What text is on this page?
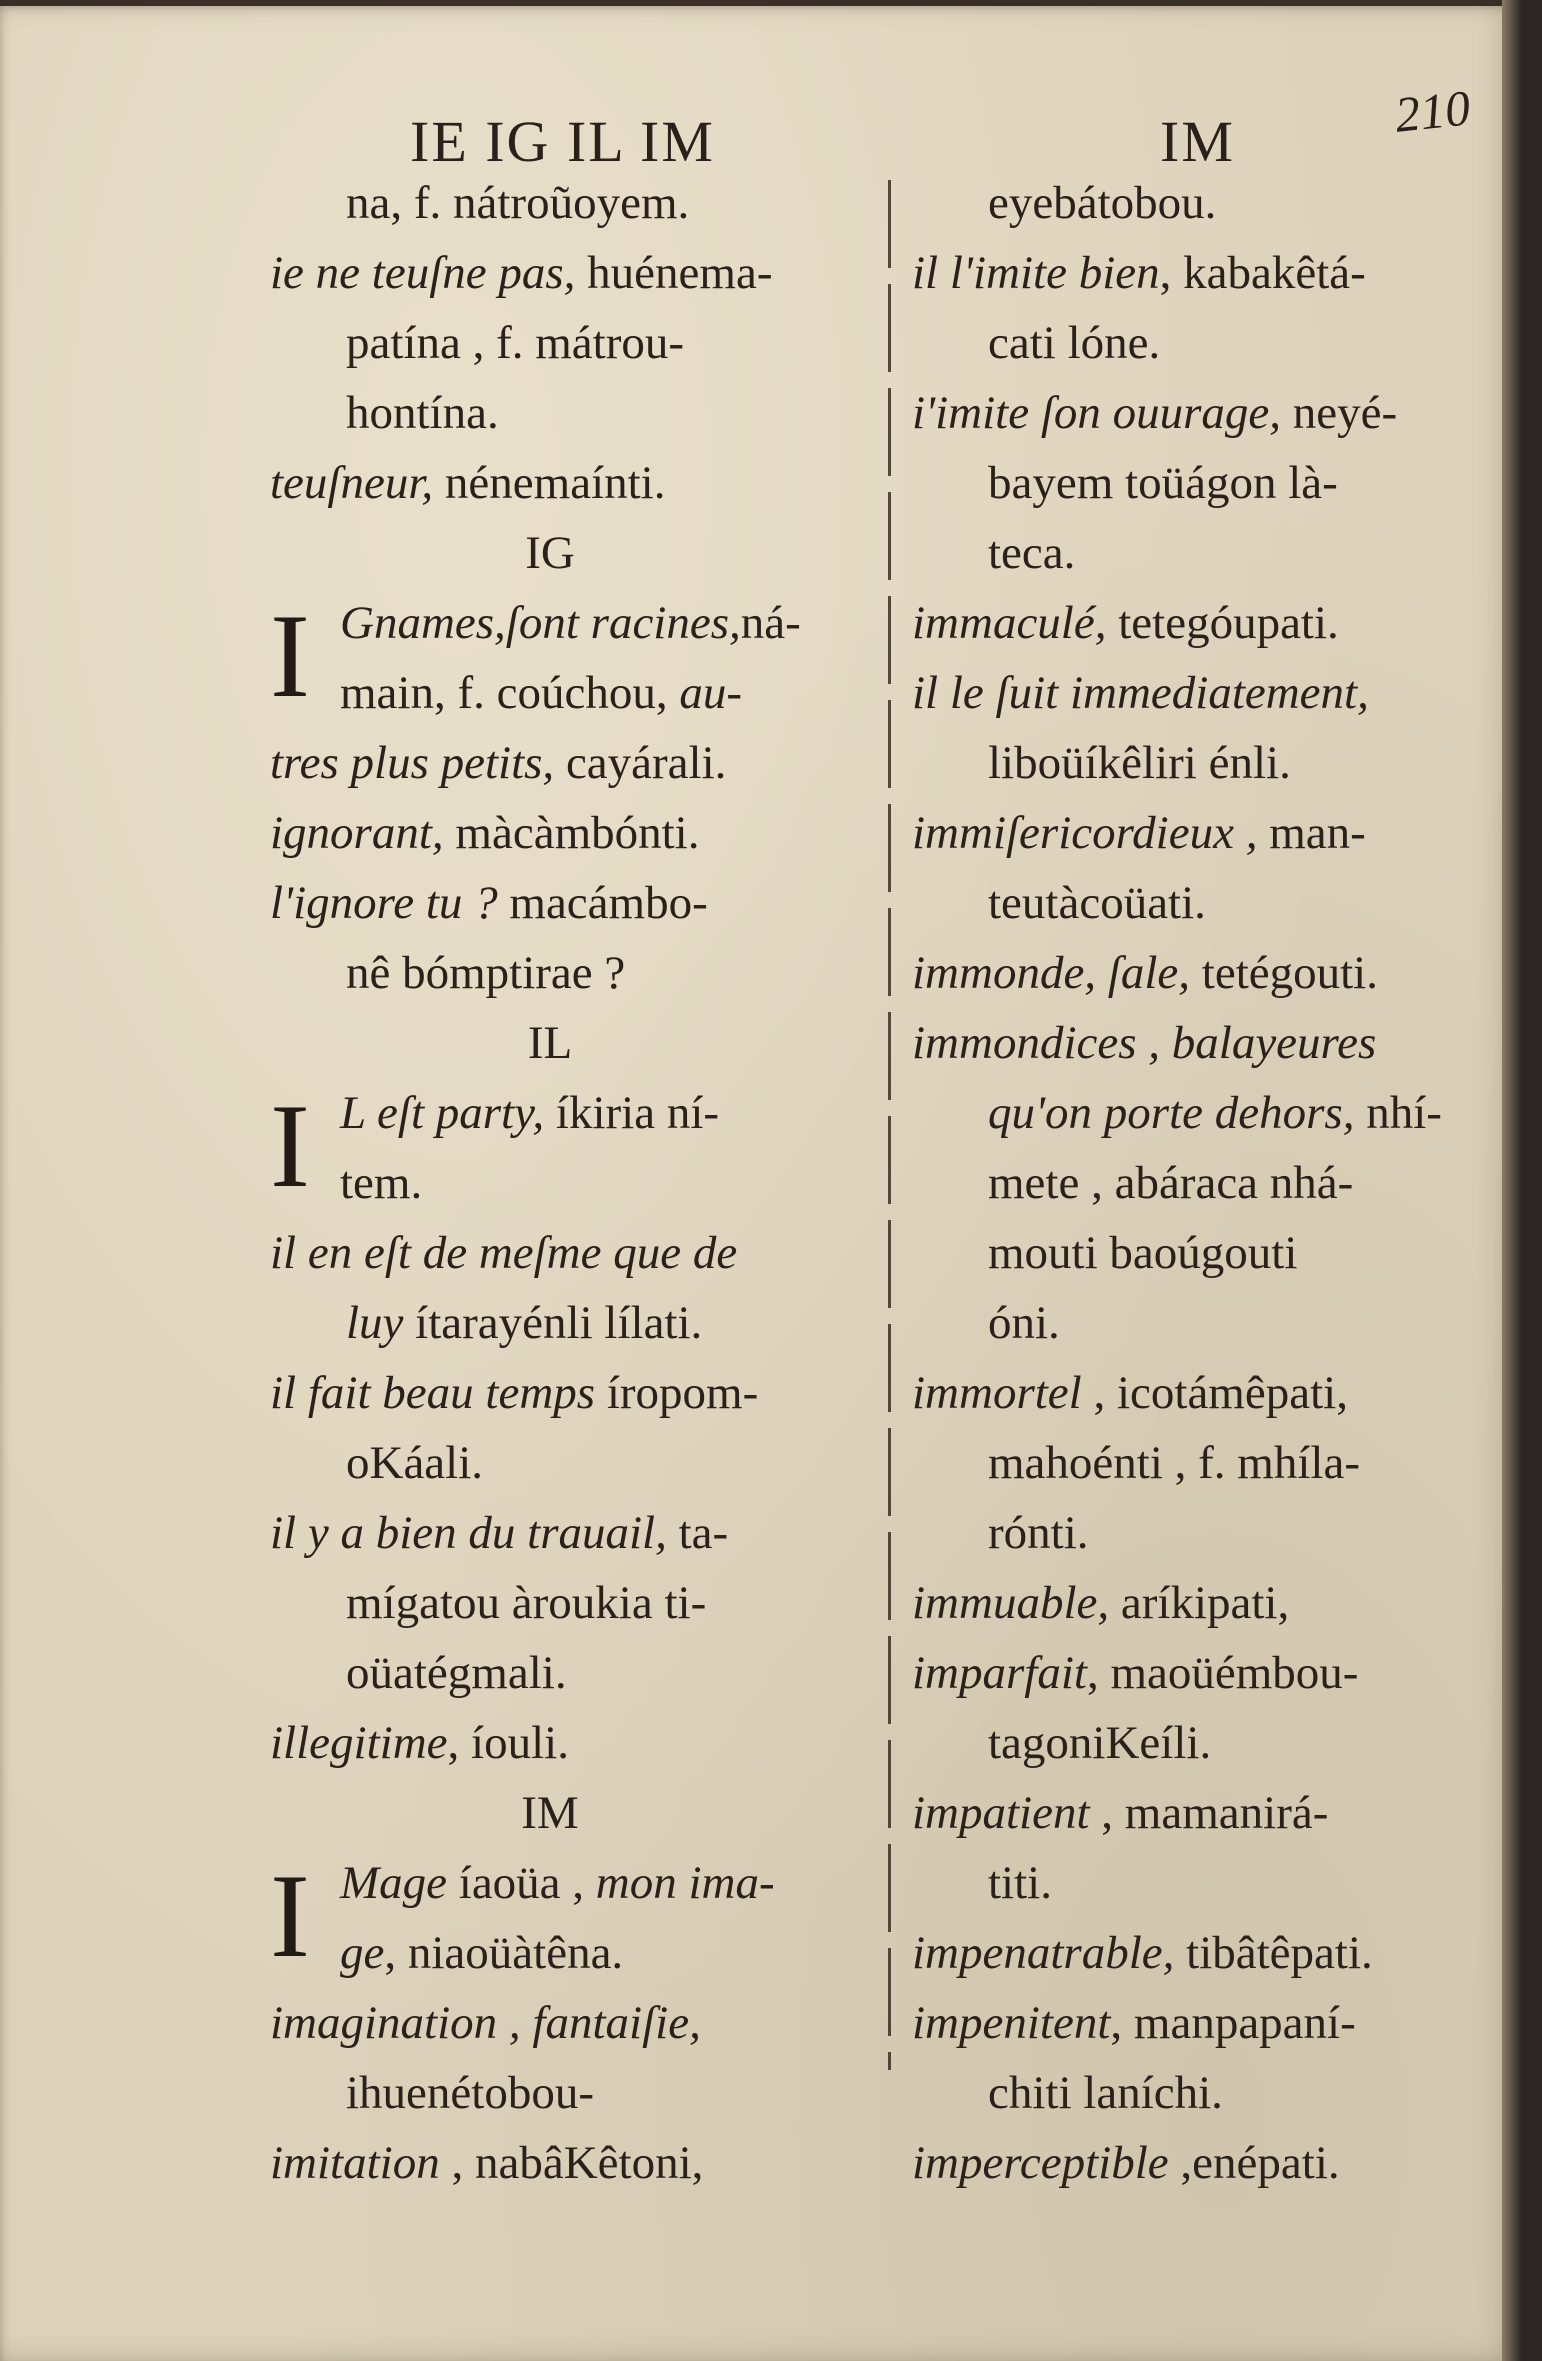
IE IG IL IM	IM	210
na, f. nátroũoyem.
ie ne teuſne pas, huénema-
patína , f. mátrou-
hontína.
teuſneur, nénemaínti.
IG
I Gnames,ſont racines,ná-
main, f. coúchou, au-
tres plus petits, cayárali.
ignorant, màcàmbónti.
l'ignore tu ? macámbo-
nê bómptirae ?
IL
I L eſt party, íkiria ní-
tem.
il en eſt de meſme que de
luy ítarayénli lílati.
il fait beau temps íropom-
oKáali.
il y a bien du trauail, ta-
mígatou àroukia ti-
oüatégmali.
illegitime, íouli.
IM
I Mage íaoüa , mon ima-
ge, niaoüàtêna.
imagination , fantaiſie,
ihuenétobou-
imitation , nabâKêtoni,
eyebátobou.
il l'imite bien, kabakêtá-
cati lóne.
i'imite ſon ouurage, neyé-
bayem toüágon là-
teca.
immaculé, tetegóupati.
il le ſuit immediatement,
liboüíkêliri énli.
immiſericordieux , man-
teutàcoüati.
immonde, ſale, tetégouti.
immondices , balayeures
qu'on porte dehors, nhí-
mete , abáraca nhá-
mouti baoúgouti
óni.
immortel , icotámêpati,
mahoénti , f. mhíla-
rónti.
immuable, aríkipati,
imparfait, maoüémbou-
tagoniKeíli.
impatient , mamanirá-
titi.
impenatrable, tibâtêpati.
impenitent, manpapaní-
chiti laníchi.
imperceptible ,enépati.
